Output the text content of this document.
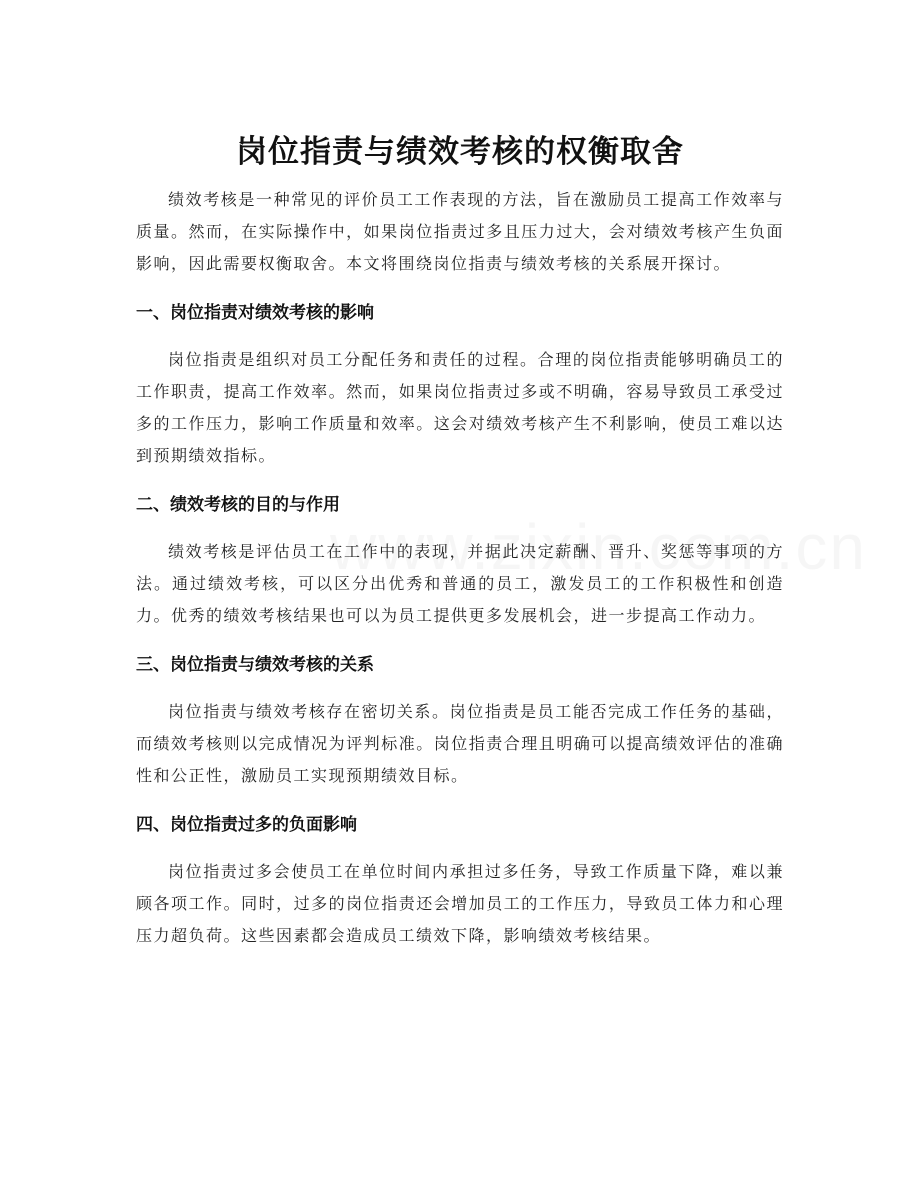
岗位指责与绩效考核的权衡取舍

绩效考核是一种常见的评价员工工作表现的方法，旨在激励员工提高工作效率与质量。然而，在实际操作中，如果岗位指责过多且压力过大，会对绩效考核产生负面影响，因此需要权衡取舍。本文将围绕岗位指责与绩效考核的关系展开探讨。

一、岗位指责对绩效考核的影响

岗位指责是组织对员工分配任务和责任的过程。合理的岗位指责能够明确员工的工作职责，提高工作效率。然而，如果岗位指责过多或不明确，容易导致员工承受过多的工作压力，影响工作质量和效率。这会对绩效考核产生不利影响，使员工难以达到预期绩效指标。

二、绩效考核的目的与作用

绩效考核是评估员工在工作中的表现，并据此决定薪酬、晋升、奖惩等事项的方法。通过绩效考核，可以区分出优秀和普通的员工，激发员工的工作积极性和创造力。优秀的绩效考核结果也可以为员工提供更多发展机会，进一步提高工作动力。

三、岗位指责与绩效考核的关系

岗位指责与绩效考核存在密切关系。岗位指责是员工能否完成工作任务的基础，而绩效考核则以完成情况为评判标准。岗位指责合理且明确可以提高绩效评估的准确性和公正性，激励员工实现预期绩效目标。

四、岗位指责过多的负面影响

岗位指责过多会使员工在单位时间内承担过多任务，导致工作质量下降，难以兼顾各项工作。同时，过多的岗位指责还会增加员工的工作压力，导致员工体力和心理压力超负荷。这些因素都会造成员工绩效下降，影响绩效考核结果。
